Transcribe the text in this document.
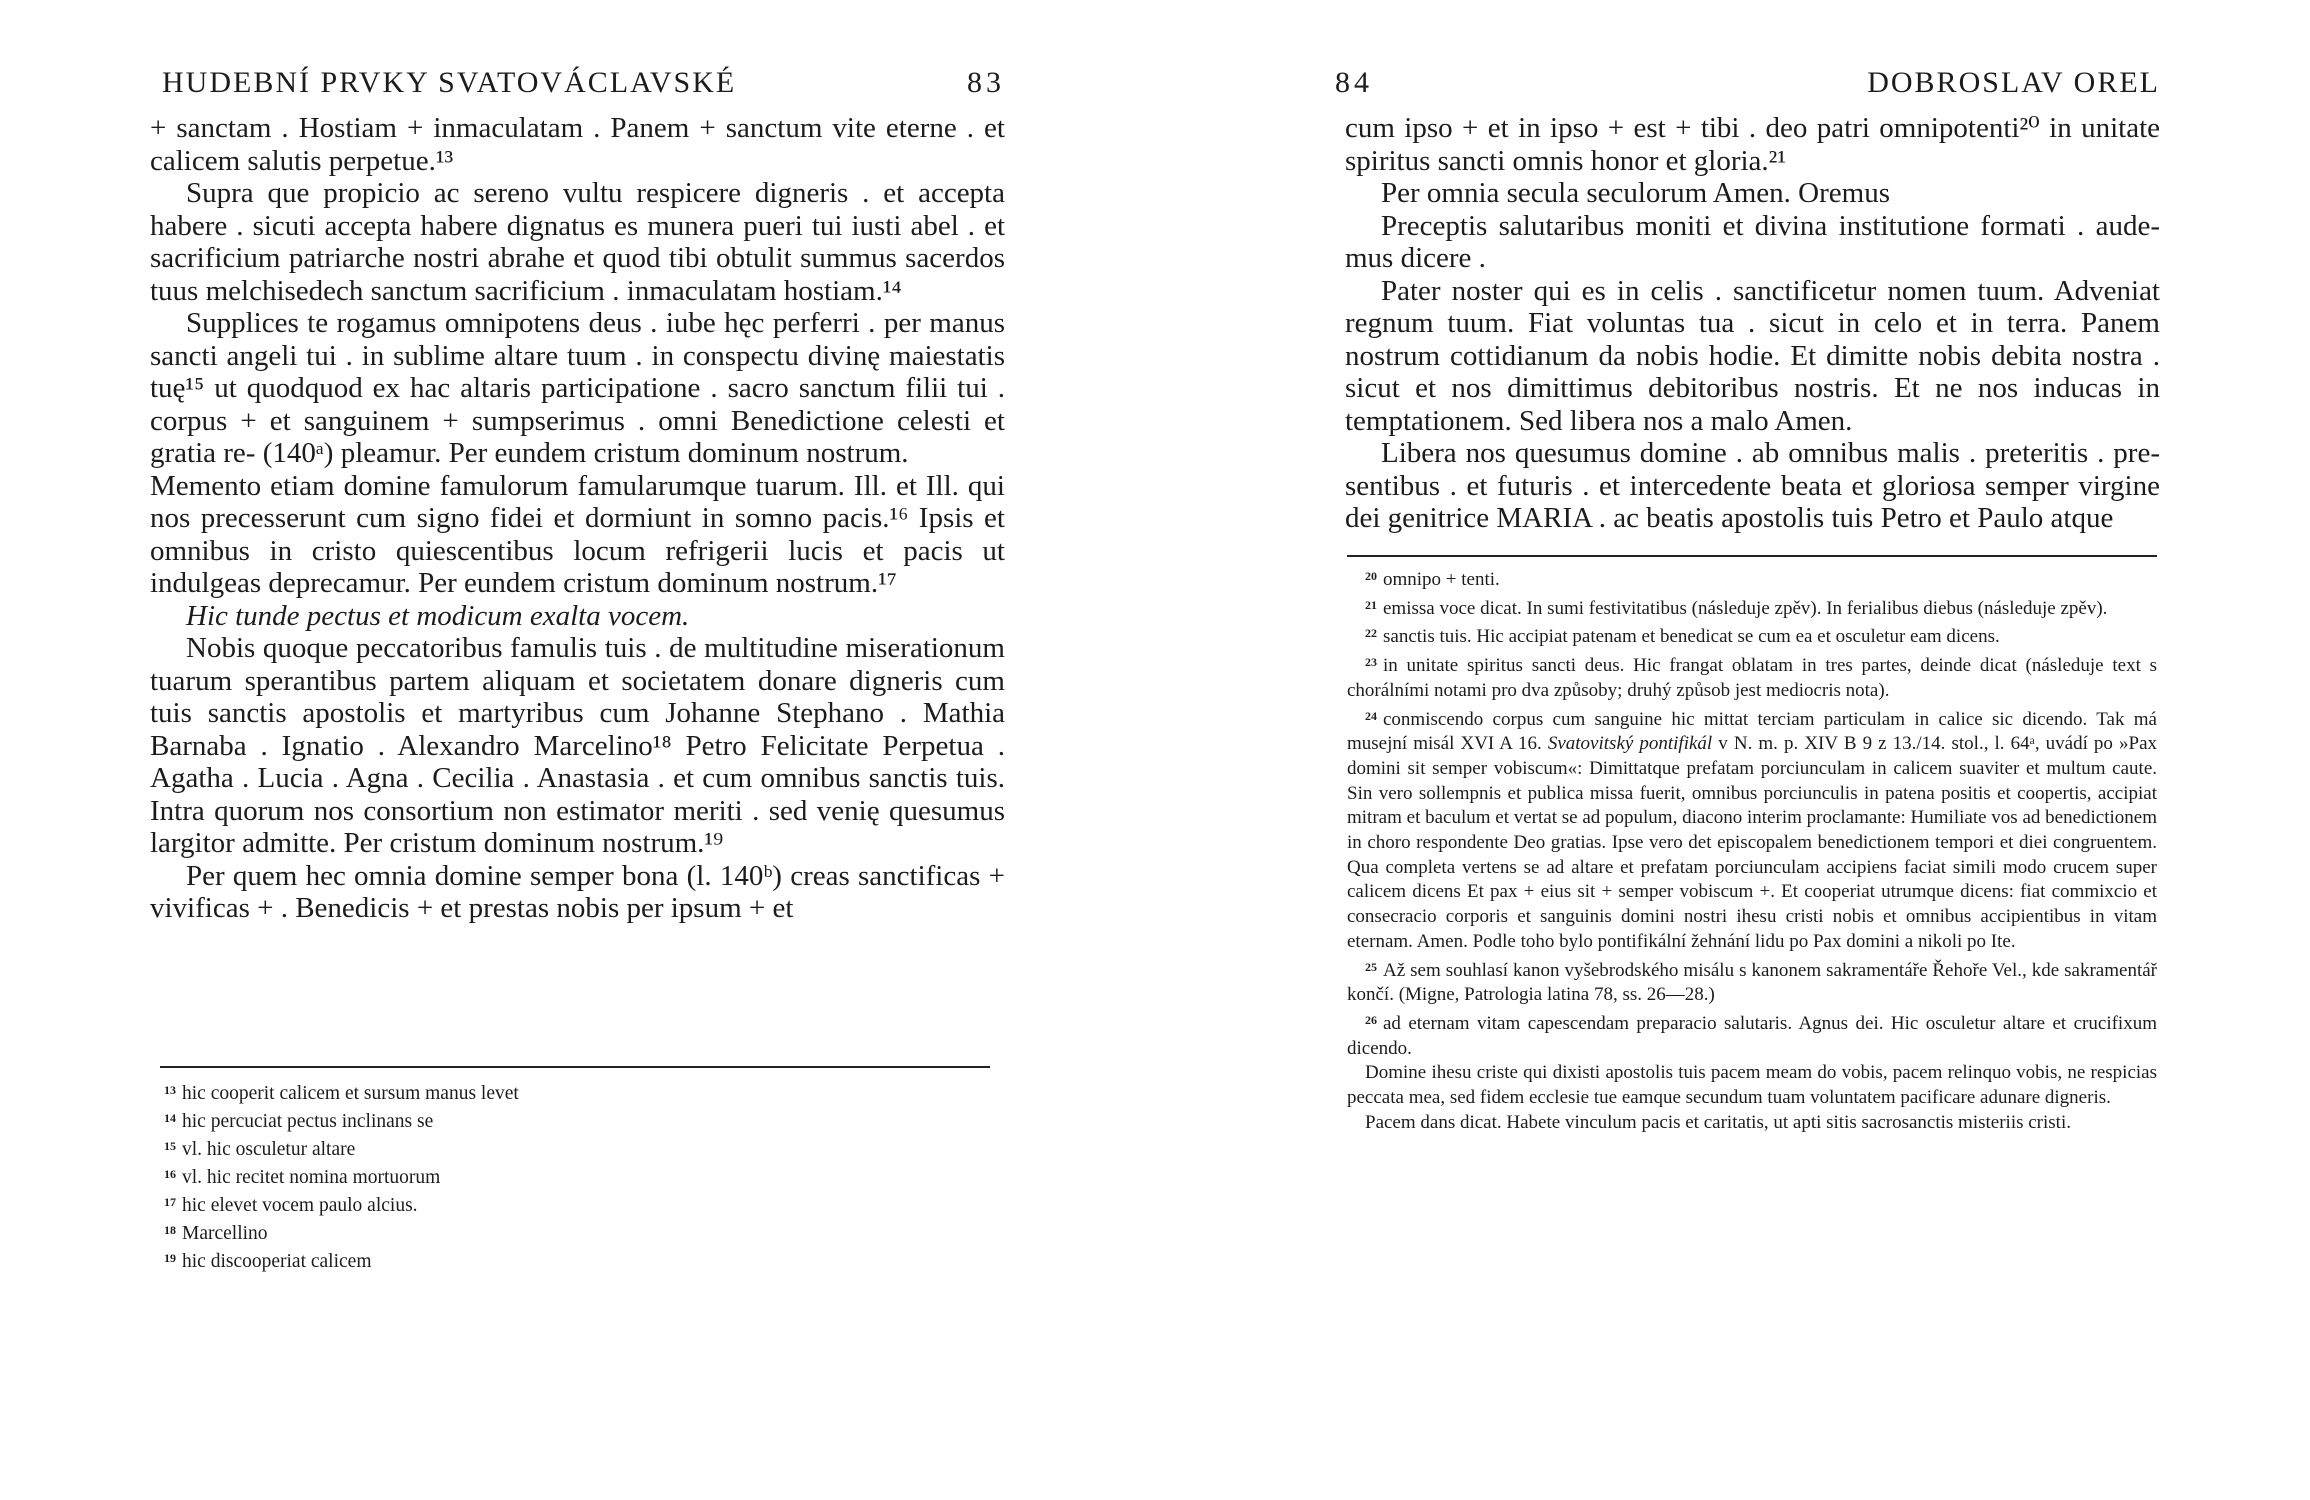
HUDEBNÍ PRVKY SVATOVÁCLAVSKÉ	83

+ sanctam . Hostiam + inmaculatam . Panem + sanctum vite eterne . et calicem salutis perpetue.¹³

Supra que propicio ac sereno vultu respicere digneris . et accepta habere . sicuti accepta habere dignatus es munera pueri tui iusti abel . et sacrificium patriarche nostri abrahe et quod tibi obtulit summus sacerdos tuus melchisedech sanctum sacrificium . inmaculatam hostiam.¹⁴

Supplices te rogamus omnipotens deus . iube hęc perferri . per manus sancti angeli tui . in sublime altare tuum . in conspectu divinę maiestatis tuę¹⁵ ut quodquod ex hac altaris participatione . sacro sanctum filii tui . corpus + et sanguinem + sumpserimus . omni Benedictione celesti et gratia re- (140ᵃ) pleamur. Per eundem cristum dominum nostrum.

Memento etiam domine famulorum famularumque tuarum. Ill. et Ill. qui nos precesserunt cum signo fidei et dormiunt in somno pacis.¹⁶ Ipsis et omnibus in cristo quiescentibus locum refrigerii lucis et pacis ut indulgeas deprecamur. Per eundem cristum dominum nostrum.¹⁷

Hic tunde pectus et modicum exalta vocem.

Nobis quoque peccatoribus famulis tuis . de multitudine miserationum tuarum sperantibus partem aliquam et societatem donare digneris cum tuis sanctis apostolis et martyribus cum Johanne Stephano . Mathia Barnaba . Ignatio . Alexandro Marcelino¹⁸ Petro Felicitate Perpetua . Agatha . Lucia . Agna . Cecilia . Anastasia . et cum omnibus sanctis tuis. Intra quorum nos consortium non estimator meriti . sed venię quesumus largitor admitte. Per cristum dominum nostrum.¹⁹

Per quem hec omnia domine semper bona (l. 140ᵇ) creas sanctificas + vivificas + . Benedicis + et prestas nobis per ipsum + et

$^{13}$ hic cooperit calicem et sursum manus levet

$^{14}$ hic percuciat pectus inclinans se

$^{15}$ vl. hic osculetur altare

$^{16}$ vl. hic recitet nomina mortuorum

$^{17}$ hic elevet vocem paulo alcius.

$^{18}$ Marcellino

$^{19}$ hic discooperiat calicem

84	DOBROSLAV OREL

cum ipso + et in ipso + est + tibi . deo patri omnipotenti²⁰ in unitate spiritus sancti omnis honor et gloria.²¹

Per omnia secula seculorum Amen. Oremus

Preceptis salutaribus moniti et divina institutione formati . audemus dicere .

Pater noster qui es in celis . sanctificetur nomen tuum. Adveniat regnum tuum. Fiat voluntas tua . sicut in celo et in terra. Panem nostrum cottidianum da nobis hodie. Et dimitte nobis debita nostra . sicut et nos dimittimus debitoribus nostris. Et ne nos inducas in temptationem. Sed libera nos a malo Amen.

Libera nos quesumus domine . ab omnibus malis . preteritis . presentibus . et futuris . et intercedente beata et gloriosa semper virgine dei genitrice MARIA . ac beatis apostolis tuis Petro et Paulo atque

$^{20}$ omnipo + tenti.

$^{21}$ emissa voce dicat. In sumi festivitatibus (následuje zpěv). In ferialibus diebus (následuje zpěv).

$^{22}$ sanctis tuis. Hic accipiat patenam et benedicat se cum ea et osculetur eam dicens.

$^{23}$ in unitate spiritus sancti deus. Hic frangat oblatam in tres partes, deinde dicat (následuje text s chorálními notami pro dva způsoby; druhý způsob jest mediocris nota).

$^{24}$ conmiscendo corpus cum sanguine hic mittat terciam particulam in calice sic dicendo. Tak má musejní misál XVI A 16. Svatovitský pontifikál v N. m. p. XIV B 9 z 13./14. stol., l. 64ᵃ, uvádí po »Pax domini sit semper vobiscum«: Dimittatque prefatam porciunculam in calicem suaviter et multum caute. Sin vero sollempnis et publica missa fuerit, omnibus porciunculis in patena positis et coopertis, accipiat mitram et baculum et vertat se ad populum, diacono interim proclamante: Humiliate vos ad benedictionem in choro respondente Deo gratias. Ipse vero det episcopalem benedictionem tempori et diei congruentem. Qua completa vertens se ad altare et prefatam porciunculam accipiens faciat simili modo crucem super calicem dicens Et pax + eius sit + semper vobiscum +. Et cooperiat utrumque dicens: fiat commixcio et consecracio corporis et sanguinis domini nostri ihesu cristi nobis et omnibus accipientibus in vitam eternam. Amen. Podle toho bylo pontifikální žehnání lidu po Pax domini a nikoli po Ite.

$^{25}$ Až sem souhlasí kanon vyšebrodského misálu s kanonem sakramentáře Řehoře Vel., kde sakramentář končí. (Migne, Patrologia latina 78, ss. 26—28.)

$^{26}$ ad eternam vitam capescendam preparacio salutaris. Agnus dei. Hic osculetur altare et crucifixum dicendo.

Domine ihesu criste qui dixisti apostolis tuis pacem meam do vobis, pacem relinquo vobis, ne respicias peccata mea, sed fidem ecclesie tue eamque secundum tuam voluntatem pacificare adunare digneris.

Pacem dans dicat. Habete vinculum pacis et caritatis, ut apti sitis sacrosanctis misteriis cristi.
